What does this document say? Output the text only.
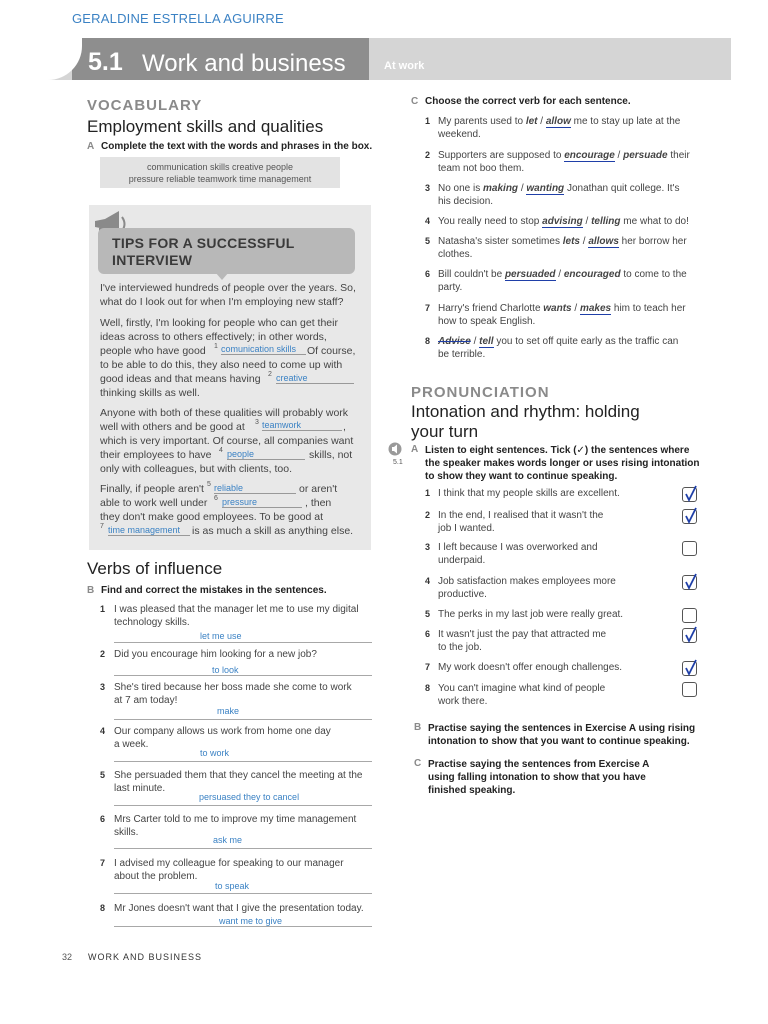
GERALDINE ESTRELLA AGUIRRE
5.1 Work and business	At work
VOCABULARY
Employment skills and qualities
A Complete the text with the words and phrases in the box.
communication skills creative people
pressure reliable teamwork time management
TIPS FOR A SUCCESSFUL
INTERVIEW
I've interviewed hundreds of people over the years. So,
what do I look out for when I'm employing new staff?
Well, firstly, I'm looking for people who can get their
ideas across to others effectively; in other words,
people who have good	1 comunication skills	Of course,
to be able to do this, they also need to come up with
good ideas and that means having	2 creative
thinking skills as well.
Anyone with both of these qualities will probably work
well with others and be good at	3 teamwork	,
which is very important. Of course, all companies want
their employees to have	4 people	skills, not
only with colleagues, but with clients, too.
Finally, if people aren't 5 reliable	or aren't
able to work well under 6 pressure	, then
they don't make good employees. To be good at
7 time management	is as much a skill as anything else.
Verbs of influence
B Find and correct the mistakes in the sentences.
1 I was pleased that the manager let me to use my digital
technology skills.
let me use
2 Did you encourage him looking for a new job?
to look
3 She's tired because her boss made she come to work
at 7 am today!
make
4 Our company allows us work from home one day
a week.
to work
5 She persuaded them that they cancel the meeting at the
last minute.
persuased they to cancel
6 Mrs Carter told to me to improve my time management
skills.
ask me
7 I advised my colleague for speaking to our manager
about the problem.
to speak
8 Mr Jones doesn't want that I give the presentation today.
want me to give
C Choose the correct verb for each sentence.
1 My parents used to let / allow me to stay up late at the
weekend.
2 Supporters are supposed to encourage / persuade their
team not boo them.
3 No one is making / wanting Jonathan quit college. It's
his decision.
4 You really need to stop advising / telling me what to do!
5 Natasha's sister sometimes lets / allows her borrow her
clothes.
6 Bill couldn't be persuaded / encouraged to come to the
party.
7 Harry's friend Charlotte wants / makes him to teach her
how to speak English.
8 Advise / tell you to set off quite early as the traffic can
be terrible.
PRONUNCIATION
Intonation and rhythm: holding
your turn
5.1
A Listen to eight sentences. Tick (✓) the sentences where
the speaker makes words longer or uses rising intonation
to show they want to continue speaking.
1 I think that my people skills are excellent.
2 In the end, I realised that it wasn't the
job I wanted.
3 I left because I was overworked and
underpaid.
4 Job satisfaction makes employees more
productive.
5 The perks in my last job were really great.
6 It wasn't just the pay that attracted me
to the job.
7 My work doesn't offer enough challenges.
8 You can't imagine what kind of people
work there.
B Practise saying the sentences in Exercise A using rising
intonation to show that you want to continue speaking.
C Practise saying the sentences from Exercise A
using falling intonation to show that you have
finished speaking.
32 WORK AND BUSINESS
